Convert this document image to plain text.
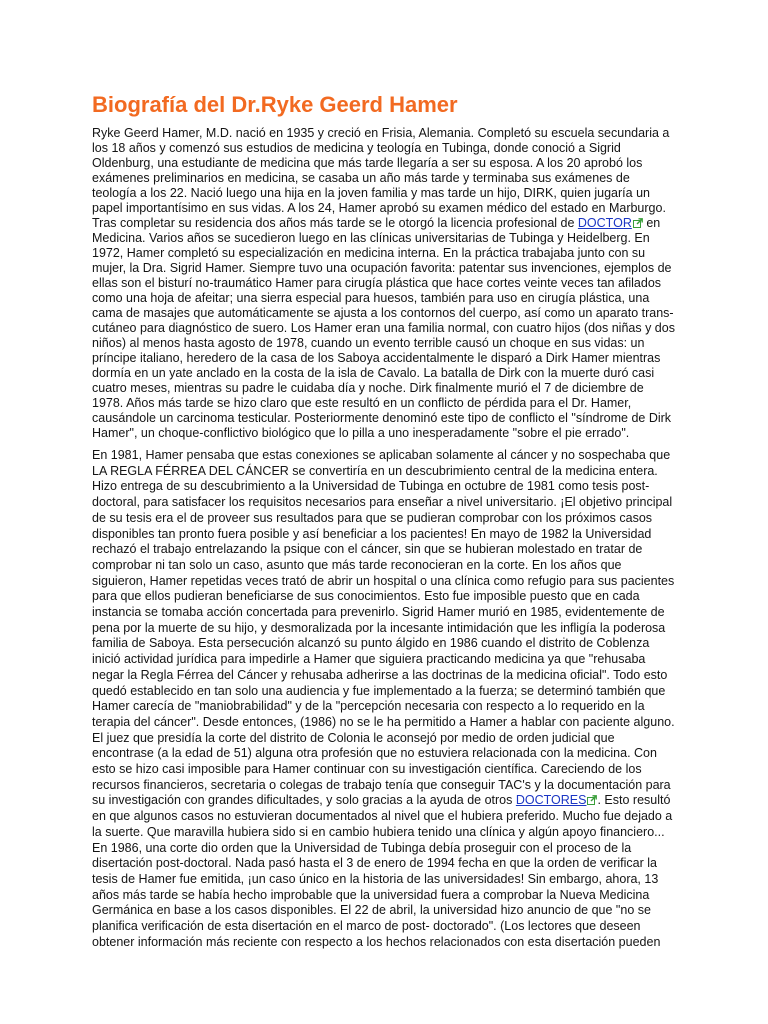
Biografía del Dr.Ryke Geerd Hamer
Ryke Geerd Hamer, M.D. nació en 1935 y creció en Frisia, Alemania. Completó su escuela secundaria a
los 18 años y comenzó sus estudios de medicina y teología en Tubinga, donde conoció a Sigrid
Oldenburg, una estudiante de medicina que más tarde llegaría a ser su esposa. A los 20 aprobó los
exámenes preliminarios en medicina, se casaba un año más tarde y terminaba sus exámenes de
teología a los 22. Nació luego una hija en la joven familia y mas tarde un hijo, DIRK, quien jugaría un
papel importantísimo en sus vidas. A los 24, Hamer aprobó su examen médico del estado en Marburgo.
Tras completar su residencia dos años más tarde se le otorgó la licencia profesional de DOCTOR
en
Medicina. Varios años se sucedieron luego en las clínicas universitarias de Tubinga y Heidelberg. En
1972, Hamer completó su especialización en medicina interna. En la práctica trabajaba junto con su
mujer, la Dra. Sigrid Hamer. Siempre tuvo una ocupación favorita: patentar sus invenciones, ejemplos de
ellas son el bisturí no-traumático Hamer para cirugía plástica que hace cortes veinte veces tan afilados
como una hoja de afeitar; una sierra especial para huesos, también para uso en cirugía plástica, una
cama de masajes que automáticamente se ajusta a los contornos del cuerpo, así como un aparato trans-
cutáneo para diagnóstico de suero. Los Hamer eran una familia normal, con cuatro hijos (dos niñas y dos
niños) al menos hasta agosto de 1978, cuando un evento terrible causó un choque en sus vidas: un
príncipe italiano, heredero de la casa de los Saboya accidentalmente le disparó a Dirk Hamer mientras
dormía en un yate anclado en la costa de la isla de Cavalo. La batalla de Dirk con la muerte duró casi
cuatro meses, mientras su padre le cuidaba día y noche. Dirk finalmente murió el 7 de diciembre de
1978. Años más tarde se hizo claro que este resultó en un conflicto de pérdida para el Dr. Hamer,
causándole un carcinoma testicular. Posteriormente denominó este tipo de conflicto el "síndrome de Dirk
Hamer", un choque-conflictivo biológico que lo pilla a uno inesperadamente "sobre el pie errado".
En 1981, Hamer pensaba que estas conexiones se aplicaban solamente al cáncer y no sospechaba que
LA REGLA FÉRREA DEL CÁNCER se convertiría en un descubrimiento central de la medicina entera.
Hizo entrega de su descubrimiento a la Universidad de Tubinga en octubre de 1981 como tesis post-
doctoral, para satisfacer los requisitos necesarios para enseñar a nivel universitario. ¡El objetivo principal
de su tesis era el de proveer sus resultados para que se pudieran comprobar con los próximos casos
disponibles tan pronto fuera posible y así beneficiar a los pacientes! En mayo de 1982 la Universidad
rechazó el trabajo entrelazando la psique con el cáncer, sin que se hubieran molestado en tratar de
comprobar ni tan solo un caso, asunto que más tarde reconocieran en la corte. En los años que
siguieron, Hamer repetidas veces trató de abrir un hospital o una clínica como refugio para sus pacientes
para que ellos pudieran beneficiarse de sus conocimientos. Esto fue imposible puesto que en cada
instancia se tomaba acción concertada para prevenirlo. Sigrid Hamer murió en 1985, evidentemente de
pena por la muerte de su hijo, y desmoralizada por la incesante intimidación que les infligía la poderosa
familia de Saboya. Esta persecución alcanzó su punto álgido en 1986 cuando el distrito de Coblenza
inició actividad jurídica para impedirle a Hamer que siguiera practicando medicina ya que "rehusaba
negar la Regla Férrea del Cáncer y rehusaba adherirse a las doctrinas de la medicina oficial". Todo esto
quedó establecido en tan solo una audiencia y fue implementado a la fuerza; se determinó también que
Hamer carecía de "maniobrabilidad" y de la "percepción necesaria con respecto a lo requerido en la
terapia del cáncer". Desde entonces, (1986) no se le ha permitido a Hamer a hablar con paciente alguno.
El juez que presidía la corte del distrito de Colonia le aconsejó por medio de orden judicial que
encontrase (a la edad de 51) alguna otra profesión que no estuviera relacionada con la medicina. Con
esto se hizo casi imposible para Hamer continuar con su investigación científica. Careciendo de los
recursos financieros, secretaria o colegas de trabajo tenía que conseguir TAC's y la documentación para
su investigación con grandes dificultades, y solo gracias a la ayuda de otros DOCTORES . Esto resultó
en que algunos casos no estuvieran documentados al nivel que el hubiera preferido. Mucho fue dejado a
la suerte. Que maravilla hubiera sido si en cambio hubiera tenido una clínica y algún apoyo financiero...
En 1986, una corte dio orden que la Universidad de Tubinga debía proseguir con el proceso de la
disertación post-doctoral. Nada pasó hasta el 3 de enero de 1994 fecha en que la orden de verificar la
tesis de Hamer fue emitida, ¡un caso único en la historia de las universidades! Sin embargo, ahora, 13
años más tarde se había hecho improbable que la universidad fuera a comprobar la Nueva Medicina
Germánica en base a los casos disponibles. El 22 de abril, la universidad hizo anuncio de que "no se
planifica verificación de esta disertación en el marco de post- doctorado". (Los lectores que deseen
obtener información más reciente con respecto a los hechos relacionados con esta disertación pueden
